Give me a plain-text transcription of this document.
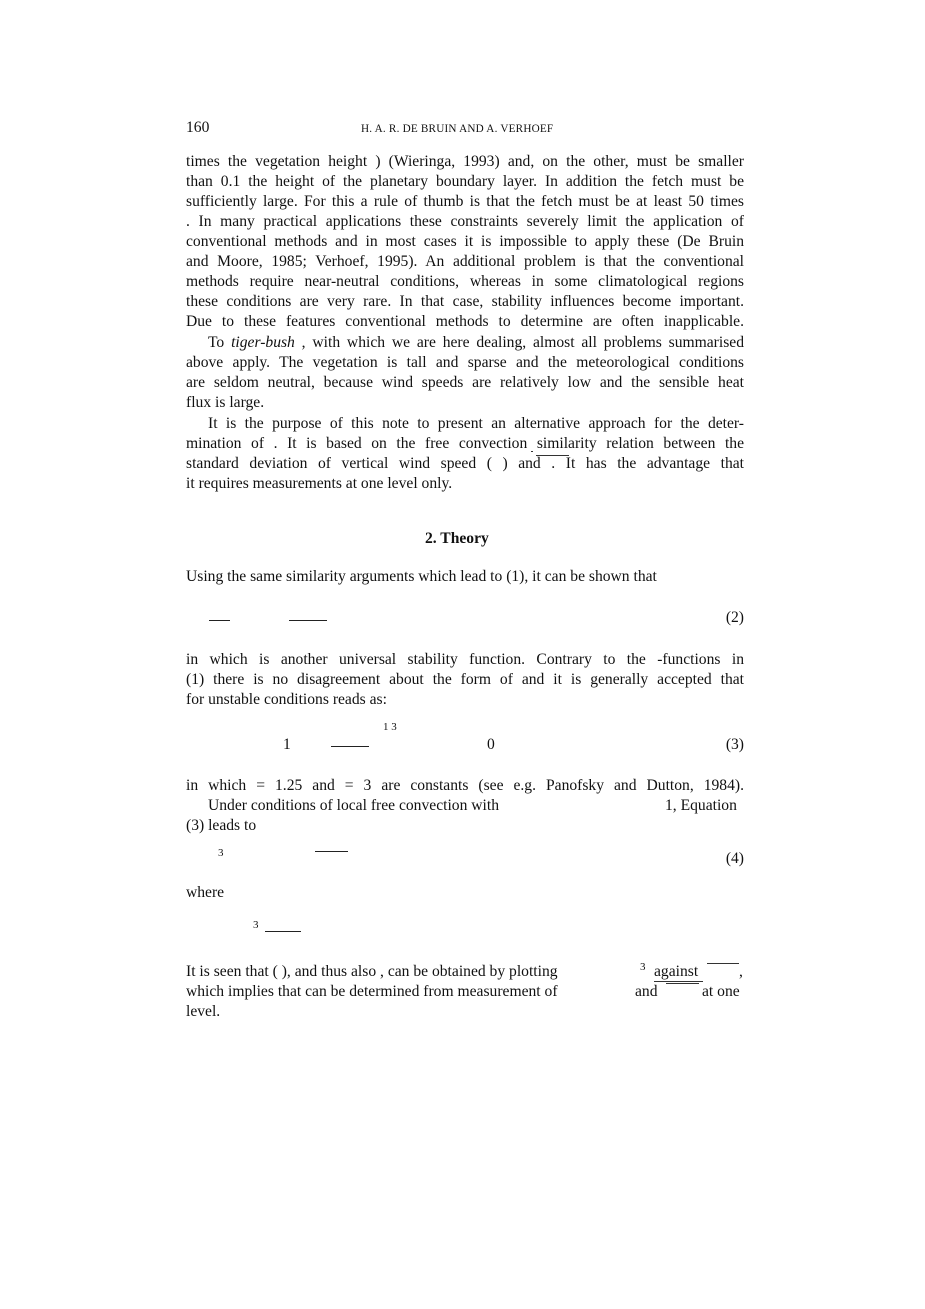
160	H. A. R. DE BRUIN AND A. VERHOEF
times the vegetation height ) (Wieringa, 1993) and, on the other, must be smaller
than 0.1 the height of the planetary boundary layer. In addition the fetch must be
sufficiently large. For this a rule of thumb is that the fetch must be at least 50 times
. In many practical applications these constraints severely limit the application of
conventional methods and in most cases it is impossible to apply these (De Bruin
and Moore, 1985; Verhoef, 1995). An additional problem is that the conventional
methods require near-neutral conditions, whereas in some climatological regions
these conditions are very rare. In that case, stability influences become important.
Due to these features conventional methods to determine are often inapplicable.
To tiger-bush , with which we are here dealing, almost all problems summarised
above apply. The vegetation is tall and sparse and the meteorological conditions
are seldom neutral, because wind speeds are relatively low and the sensible heat
flux is large.
It is the purpose of this note to present an alternative approach for the deter-
mination of . It is based on the free convection similarity relation between the
standard deviation of vertical wind speed ( ) and . It has the advantage that
it requires measurements at one level only.
2. Theory
Using the same similarity arguments which lead to (1), it can be shown that
(2)
in which is another universal stability function. Contrary to the -functions in
(1) there is no disagreement about the form of and it is generally accepted that
for unstable conditions reads as:
1 3
1	0	(3)
in which = 1.25 and = 3 are constants (see e.g. Panofsky and Dutton, 1984).
Under conditions of local free convection with	1, Equation
(3) leads to
3	(4)
where
3
It is seen that ( ), and thus also , can be obtained by plotting	3 against	,
which implies that can be determined from measurement of	and	at one
level.
